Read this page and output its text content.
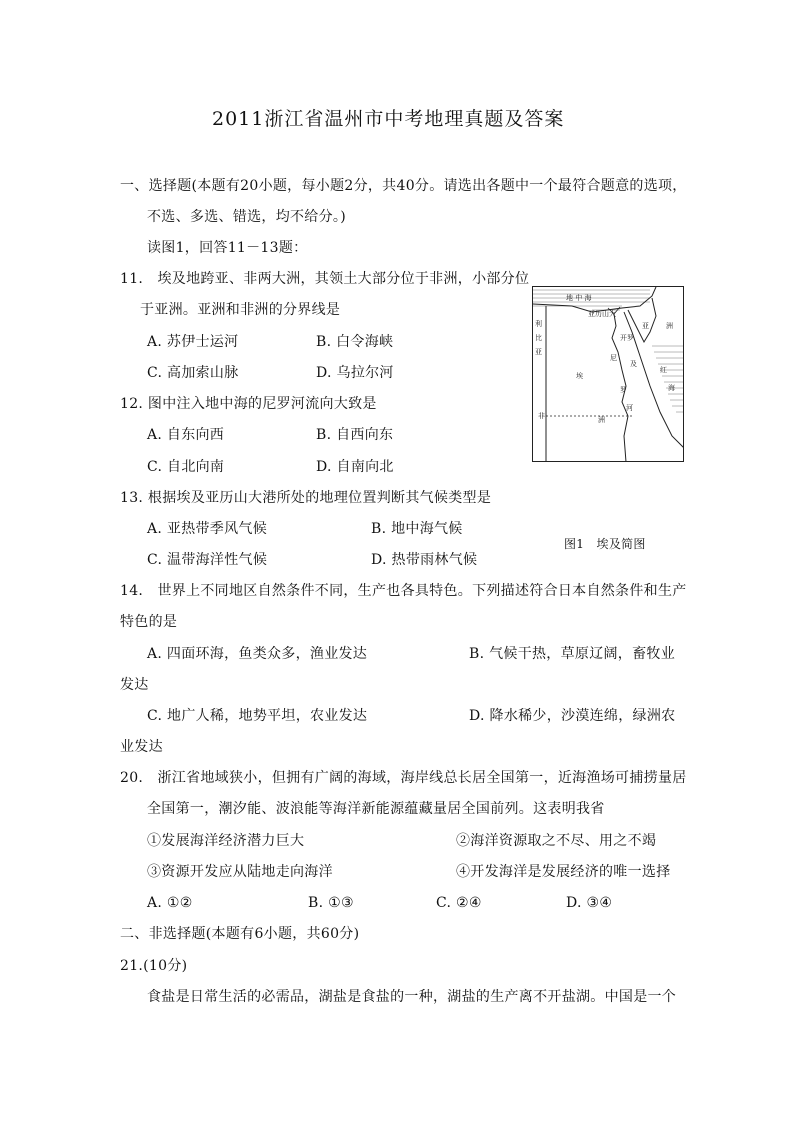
2011浙江省温州市中考地理真题及答案
一、选择题(本题有20小题，每小题2分，共40分。请选出各题中一个最符合题意的选项，
不选、多选、错选，均不给分。)
读图1，回答11－13题：
11.　埃及地跨亚、非两大洲，其领土大部分位于非洲，小部分位
于亚洲。亚洲和非洲的分界线是
A. 苏伊士运河	B. 白令海峡
C. 高加索山脉	D. 乌拉尔河
12. 图中注入地中海的尼罗河流向大致是
A. 自东向西	B. 自西向东
C. 自北向南	D. 自南向北
13. 根据埃及亚历山大港所处的地理位置判断其气候类型是
A. 亚热带季风气候	B. 地中海气候
C. 温带海洋性气候	D. 热带雨林气候
地 中 海
亚历山大
开罗
利
比
亚
亚 洲
埃
及
尼
罗
河
非	洲
红
海
图1　埃及简图
14.　世界上不同地区自然条件不同，生产也各具特色。下列描述符合日本自然条件和生产
特色的是
A. 四面环海，鱼类众多，渔业发达	B. 气候干热，草原辽阔，畜牧业
发达
C. 地广人稀，地势平坦，农业发达	D. 降水稀少，沙漠连绵，绿洲农
业发达
20.　浙江省地域狭小，但拥有广阔的海域，海岸线总长居全国第一，近海渔场可捕捞量居
全国第一，潮汐能、波浪能等海洋新能源蕴藏量居全国前列。这表明我省
①发展海洋经济潜力巨大	②海洋资源取之不尽、用之不竭
③资源开发应从陆地走向海洋	④开发海洋是发展经济的唯一选择
A. ①②	B. ①③	C. ②④	D. ③④
二、非选择题(本题有6小题，共60分)
21.(10分)
食盐是日常生活的必需品，湖盐是食盐的一种，湖盐的生产离不开盐湖。中国是一个
